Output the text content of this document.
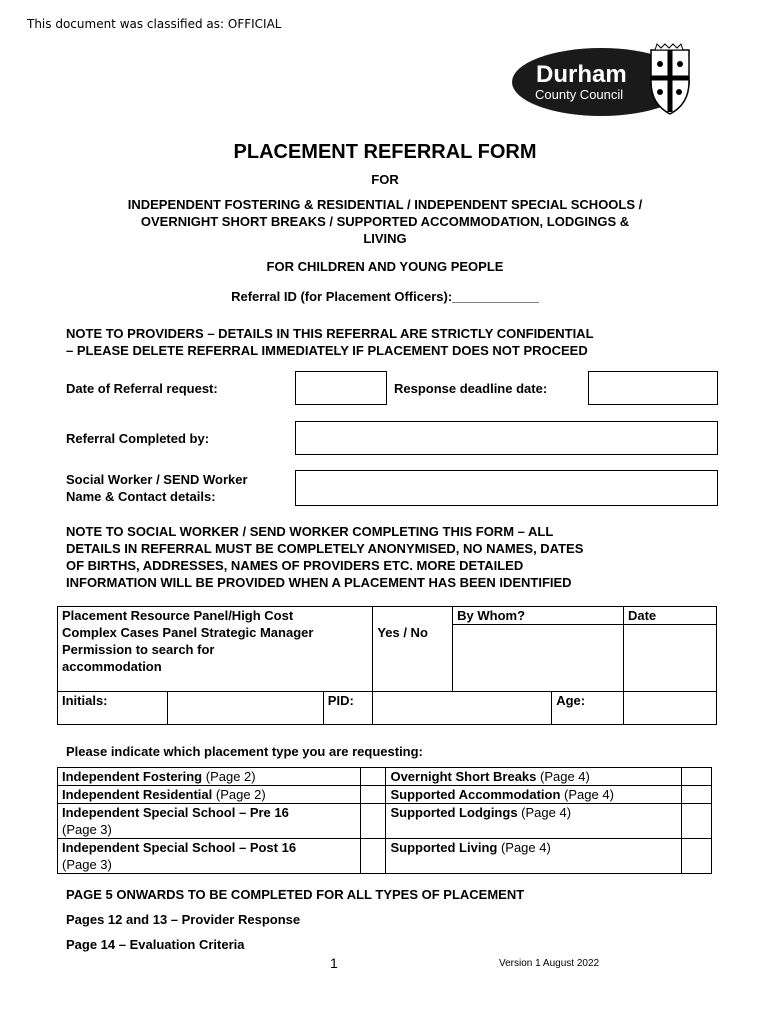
This document was classified as: OFFICIAL
Durham
County Council
PLACEMENT REFERRAL FORM
FOR
INDEPENDENT FOSTERING & RESIDENTIAL / INDEPENDENT SPECIAL SCHOOLS /
OVERNIGHT SHORT BREAKS / SUPPORTED ACCOMMODATION, LODGINGS &
LIVING
FOR CHILDREN AND YOUNG PEOPLE
Referral ID (for Placement Officers):____________
NOTE TO PROVIDERS – DETAILS IN THIS REFERRAL ARE STRICTLY CONFIDENTIAL
– PLEASE DELETE REFERRAL IMMEDIATELY IF PLACEMENT DOES NOT PROCEED
Date of Referral request:	Response deadline date:
Referral Completed by:
Social Worker / SEND Worker
Name & Contact details:
NOTE TO SOCIAL WORKER / SEND WORKER COMPLETING THIS FORM – ALL
DETAILS IN REFERRAL MUST BE COMPLETELY ANONYMISED, NO NAMES, DATES
OF BIRTHS, ADDRESSES, NAMES OF PROVIDERS ETC. MORE DETAILED
INFORMATION WILL BE PROVIDED WHEN A PLACEMENT HAS BEEN IDENTIFIED
Placement Resource Panel/High Cost
Complex Cases Panel Strategic Manager
Permission to search for
accommodation			Yes / No	By Whom?		Date

Initials:		PID:			Age:	
Please indicate which placement type you are requesting:
Independent Fostering (Page 2)		Overnight Short Breaks (Page 4)	
Independent Residential (Page 2)		Supported Accommodation (Page 4)	
Independent Special School – Pre 16
(Page 3)		Supported Lodgings (Page 4)	
Independent Special School – Post 16
(Page 3)		Supported Living (Page 4)	
PAGE 5 ONWARDS TO BE COMPLETED FOR ALL TYPES OF PLACEMENT
Pages 12 and 13 – Provider Response
Page 14 – Evaluation Criteria
1	Version 1 August 2022
